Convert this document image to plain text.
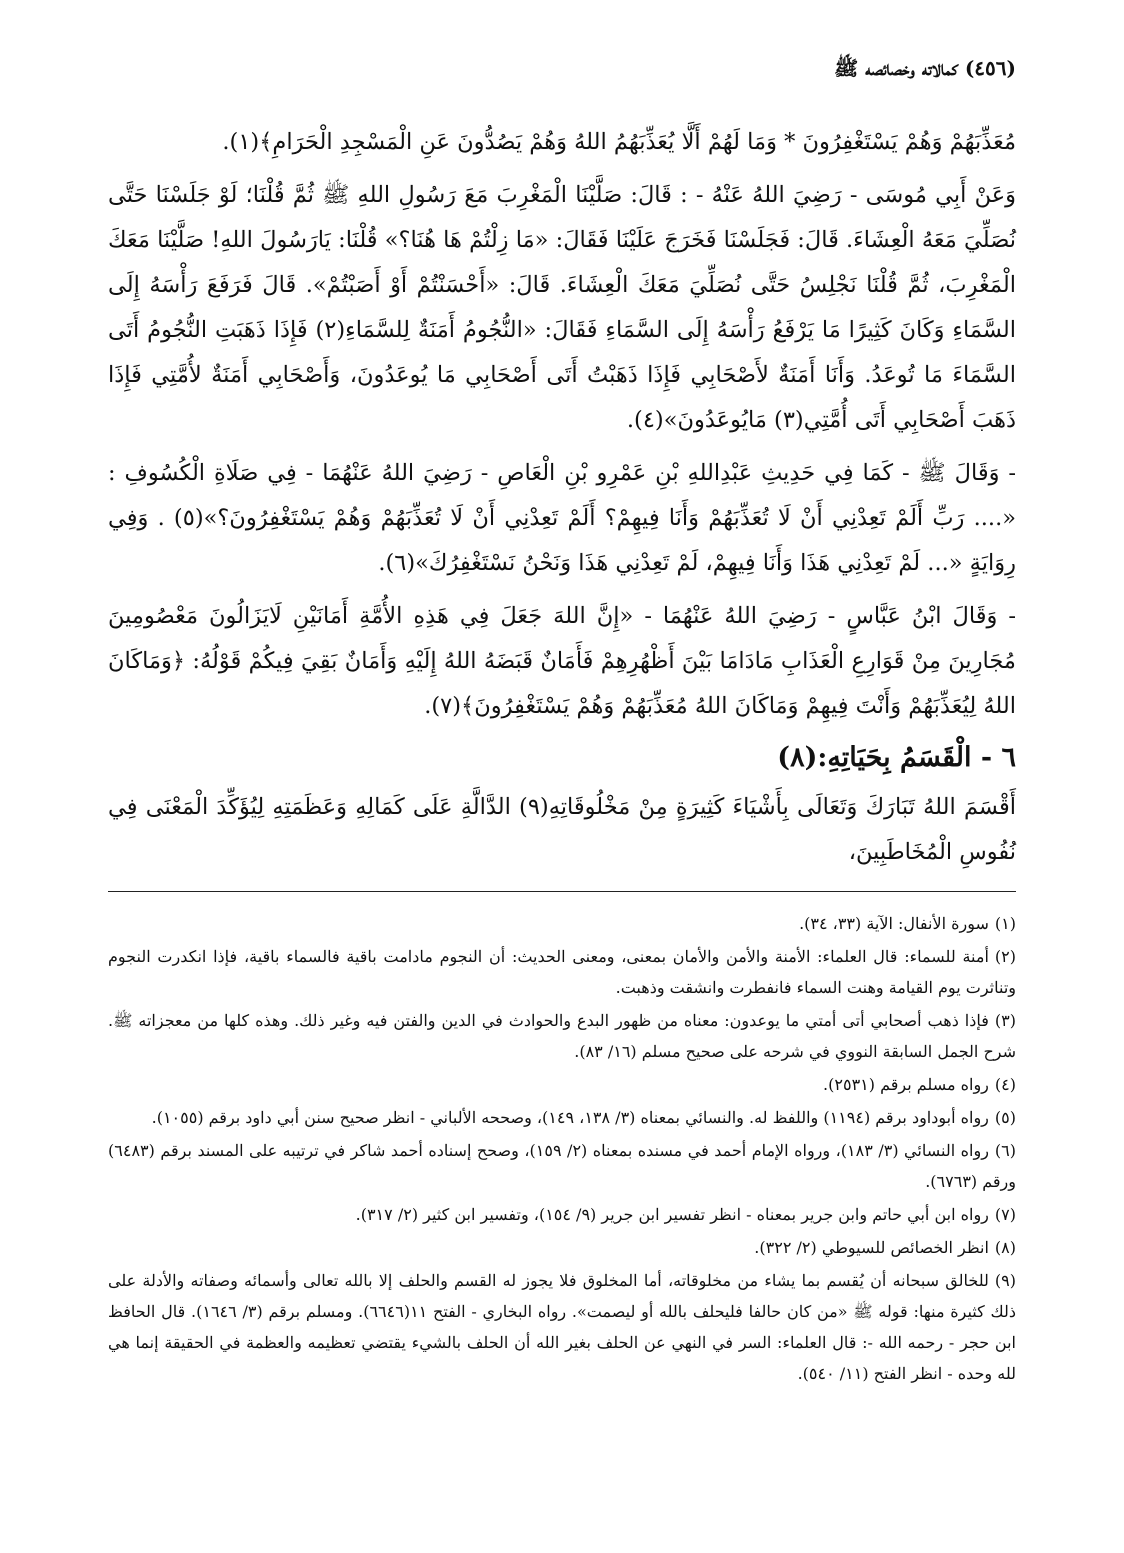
(٤٥٦) كمالاته وخصائصه ﷺ

مُعَذِّبَهُمْ وَهُمْ يَسْتَغْفِرُونَ * وَمَا لَهُمْ أَلَّا يُعَذِّبَهُمُ اللهُ وَهُمْ يَصُدُّونَ عَنِ الْمَسْجِدِ الْحَرَامِ﴾(١).

وَعَنْ أَبِي مُوسَى - رَضِيَ اللهُ عَنْهُ - : قَالَ: صَلَّيْنَا الْمَغْرِبَ مَعَ رَسُولِ اللهِ ﷺ ثُمَّ قُلْنَا؛ لَوْ جَلَسْنَا حَتَّى نُصَلِّيَ مَعَهُ الْعِشَاءَ. قَالَ: فَجَلَسْنَا فَخَرَجَ عَلَيْنَا فَقَالَ: «مَا زِلْتُمْ هَا هُنَا؟» قُلْنَا: يَارَسُولَ اللهِ! صَلَّيْنَا مَعَكَ الْمَغْرِبَ، ثُمَّ قُلْنَا نَجْلِسُ حَتَّى نُصَلِّيَ مَعَكَ الْعِشَاءَ. قَالَ: «أَحْسَنْتُمْ أَوْ أَصَبْتُمْ». قَالَ فَرَفَعَ رَأْسَهُ إِلَى السَّمَاءِ وَكَانَ كَثِيرًا مَا يَرْفَعُ رَأْسَهُ إِلَى السَّمَاءِ فَقَالَ: «النُّجُومُ أَمَنَةٌ لِلسَّمَاءِ(٢) فَإِذَا ذَهَبَتِ النُّجُومُ أَتَى السَّمَاءَ مَا تُوعَدُ. وَأَنَا أَمَنَةٌ لأَصْحَابِي فَإِذَا ذَهَبْتُ أَتَى أَصْحَابِي مَا يُوعَدُونَ، وَأَصْحَابِي أَمَنَةٌ لأُمَّتِي فَإِذَا ذَهَبَ أَصْحَابِي أَتَى أُمَّتِي(٣) مَايُوعَدُونَ»(٤).

- وَقَالَ ﷺ - كَمَا فِي حَدِيثِ عَبْدِاللهِ بْنِ عَمْرِو بْنِ الْعَاصِ - رَضِيَ اللهُ عَنْهُمَا - فِي صَلَاةِ الْكُسُوفِ : «.... رَبِّ أَلَمْ تَعِدْنِي أَنْ لَا تُعَذِّبَهُمْ وَأَنَا فِيهِمْ؟ أَلَمْ تَعِدْنِي أَنْ لَا تُعَذِّبَهُمْ وَهُمْ يَسْتَغْفِرُونَ؟»(٥) . وَفِي رِوَايَةٍ «... لَمْ تَعِدْنِي هَذَا وَأَنَا فِيهِمْ، لَمْ تَعِدْنِي هَذَا وَنَحْنُ نَسْتَغْفِرُكَ»(٦).

- وَقَالَ ابْنُ عَبَّاسٍ - رَضِيَ اللهُ عَنْهُمَا - «إِنَّ اللهَ جَعَلَ فِي هَذِهِ الأُمَّةِ أَمَانَيْنِ لَايَزَالُونَ مَعْصُومِينَ مُجَارِينَ مِنْ قَوَارِعِ الْعَذَابِ مَادَامَا بَيْنَ أَظْهُرِهِمْ فَأَمَانٌ قَبَضَهُ اللهُ إِلَيْهِ وَأَمَانٌ بَقِيَ فِيكُمْ قَوْلُهُ: ﴿وَمَاكَانَ اللهُ لِيُعَذِّبَهُمْ وَأَنْتَ فِيهِمْ وَمَاكَانَ اللهُ مُعَذِّبَهُمْ وَهُمْ يَسْتَغْفِرُونَ﴾(٧).

٦ - الْقَسَمُ بِحَيَاتِهِ:(٨)

أَقْسَمَ اللهُ تَبَارَكَ وَتَعَالَى بِأَشْيَاءَ كَثِيرَةٍ مِنْ مَخْلُوقَاتِهِ(٩) الدَّالَّةِ عَلَى كَمَالِهِ وَعَظَمَتِهِ لِيُؤَكِّدَ الْمَعْنَى فِي نُفُوسِ الْمُخَاطَبِينَ،

(١)سورة الأنفال: الآية (٣٣، ٣٤).

(٢)أمنة للسماء: قال العلماء: الأمنة والأمن والأمان بمعنى، ومعنى الحديث: أن النجوم مادامت باقية فالسماء باقية، فإذا انكدرت النجوم وتناثرت يوم القيامة وهنت السماء فانفطرت وانشقت وذهبت.

(٣)فإذا ذهب أصحابي أتى أمتي ما يوعدون: معناه من ظهور البدع والحوادث في الدين والفتن فيه وغير ذلك. وهذه كلها من معجزاته ﷺ. شرح الجمل السابقة النووي في شرحه على صحيح مسلم (١٦/ ٨٣).

(٤)رواه مسلم برقم (٢٥٣١).

(٥)رواه أبوداود برقم (١١٩٤) واللفظ له. والنسائي بمعناه (٣/ ١٣٨، ١٤٩)، وصححه الألباني - انظر صحيح سنن أبي داود برقم (١٠٥٥).

(٦)رواه النسائي (٣/ ١٨٣)، ورواه الإمام أحمد في مسنده بمعناه (٢/ ١٥٩)، وصحح إسناده أحمد شاكر في ترتيبه على المسند برقم (٦٤٨٣) ورقم (٦٧٦٣).

(٧)رواه ابن أبي حاتم وابن جرير بمعناه - انظر تفسير ابن جرير (٩/ ١٥٤)، وتفسير ابن كثير (٢/ ٣١٧).

(٨)انظر الخصائص للسيوطي (٢/ ٣٢٢).

(٩)للخالق سبحانه أن يُقسم بما يشاء من مخلوقاته، أما المخلوق فلا يجوز له القسم والحلف إلا بالله تعالى وأسمائه وصفاته والأدلة على ذلك كثيرة منها: قوله ﷺ «من كان حالفا فليحلف بالله أو ليصمت». رواه البخاري - الفتح ١١(٦٦٤٦). ومسلم برقم (٣/ ١٦٤٦). قال الحافظ ابن حجر - رحمه الله -: قال العلماء: السر في النهي عن الحلف بغير الله أن الحلف بالشيء يقتضي تعظيمه والعظمة في الحقيقة إنما هي لله وحده - انظر الفتح (١١/ ٥٤٠).
